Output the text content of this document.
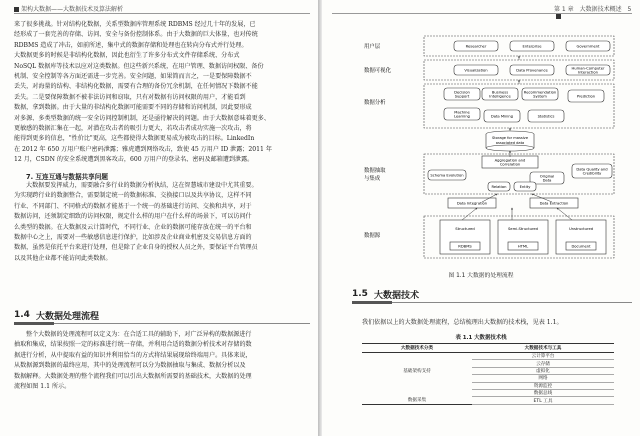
架构大数据——大数据技术及算法解析
来了很多挑战。针对结构化数据，关系型数据库管理系统 RDBMS 经过几十年的发展，已
经形成了一套完善的存储、访问、安全与备份控制体系。由于大数据的巨大体量，也对传统
RDBMS 造成了冲击，如前所述，集中式的数据存储和处理也在转向分布式并行处理。
大数据更多的时候是非结构化数据，因此也衍生了许多分布式文件存储系统、分布式
NoSQL 数据库等技术以应对这类数据。但这些新兴系统，在用户管理、数据访问权限、备份
机制、安全控制等各方面还需进一步完善。安全问题，如果简而言之，一是要保障数据不
丢失，对海量的结构、非结构化数据，需要有合理的备份冗余机制，在任何情况下数据不能
丢失。二是要保障数据不被非法访问和窃取，只有对数据有访问权限的用户，才能看到
数据，拿到数据。由于大量的非结构化数据可能需要不同的存储和访问机制，因此要形成
对多源、多类型数据的统一安全访问控制机制，还是亟待解决的问题。由于大数据意味着更多、
更敏感的数据汇集在一起，对潜在攻击者的吸引力更大，若攻击者成功实施一次攻击，将
能得到更多的信息，"性价比"更高，这些都使得大数据更易成为被攻击的目标。LinkedIn
在 2012 年 650 万用户账户密码泄露；雅虎遭到网络攻击，致使 45 万用户 ID 泄露；2011 年
12 月，CSDN 的安全系统遭到黑客攻击，600 万用户的登录名、密码及邮箱遭到泄露。
7. 互连互通与数据共享问题
大数据要发挥威力，需要融合多行业的数据分析执结，这在智慧城市建设中尤其重要。
为实现跨行业的数据整合，需要制定统一的数据标准、交换接口以及共享协议，这样不同
行业、不同部门、不同格式的数据才能基于一个统一的基础进行访问、交换和共享，对于
数据访问，还须制定细致的访问权限，规定什么样的用户在什么样的场景下，可以访问什
么类型的数据。在大数据及云计算时代，不同行业、企业的数据可能存放在统一的平台和
数据中心之上，需要对一些敏感信息进行保护，比如涉及企业商业机密及交易信息方面的
数据，虽然是依托平台来进行处理，但是除了企业自身的授权人员之外，要保证平台管理员
以及其他企业都不能访问此类数据。
1.4 大数据处理流程
整个大数据的处理流程可以定义为：在合适工具的辅助下，对广泛异构的数据源进行
抽取和集成，结果按照一定的标准进行统一存储，并利用合适的数据分析技术对存储的数
据进行分析，从中提取有益的知识并利用恰当的方式将结果展现给终端用户。具体来说，
从数据源到数据的最终应用，其中的处理流程可以分为数据抽取与集成、数据分析以及
数据解释。大数据处理的整个流程我们可以引出大数据所需要的基础技术，大数据的处理
流程如图 1.1 所示。
第 1 章 大数据技术概述 5
用户层
数据可视化
数据分析
数据抽取
与集成
数据源
Researcher	Enterprise	Government
Visualization	Data Provenance
Human-Computer
Interaction
Decision
Support
Business
Intelligence
Recommendation
System	Prediction
Machine
Learning	Data Mining	Statistics
Storage for massive
associated data
Aggregation and
Correlation
Data Quality and
Credibility
Schema Evolution	Original
Data
Relation	Entity
Data Integration	Data Extraction
Structured	Semi-Structured	Unstructured
RDBMS	HTML	Document
图 1.1 大数据的处理流程
1.5 大数据技术
我们依据以上的大数据处理流程，总结梳理出大数据的技术栈，见表 1.1。
表 1.1 大数据技术栈
大数据技术分类	大数据技术与工具
	云计算平台
	云存储
基础架构支持	虚拟化
	网络
	资源监控
	数据总线
数据采集	ETL 工具
